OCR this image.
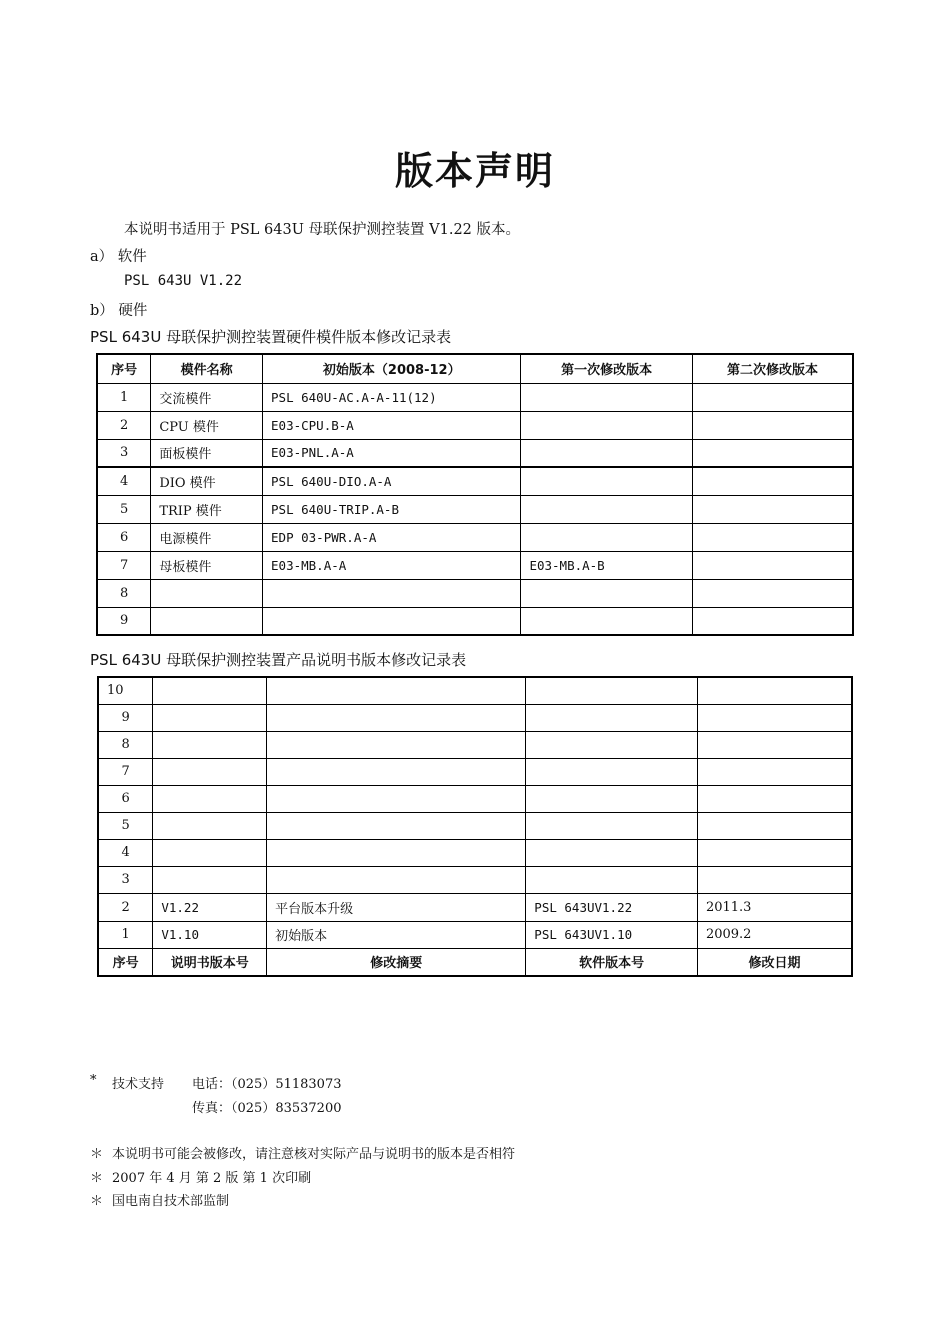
版本声明
本说明书适用于 PSL 643U 母联保护测控装置 V1.22 版本。
a） 软件
PSL 643U V1.22
b） 硬件
PSL 643U 母联保护测控装置硬件模件版本修改记录表
序号	模件名称	初始版本（2008-12）	第一次修改版本	第二次修改版本
1	交流模件	PSL 640U-AC.A-A-11(12)		
2	CPU 模件	E03-CPU.B-A		
3	面板模件	E03-PNL.A-A		
4	DIO 模件	PSL 640U-DIO.A-A		
5	TRIP 模件	PSL 640U-TRIP.A-B		
6	电源模件	EDP 03-PWR.A-A		
7	母板模件	E03-MB.A-A	E03-MB.A-B	
8				
9				
PSL 643U 母联保护测控装置产品说明书版本修改记录表
10				
9				
8				
7				
6				
5				
4				
3				
2	V1.22	平台版本升级	PSL 643UV1.22	2011.3
1	V1.10	初始版本	PSL 643UV1.10	2009.2
序号	说明书版本号	修改摘要	软件版本号	修改日期
* 技术支持 电话：（025）51183073
传真：（025）83537200
＊ 本说明书可能会被修改，请注意核对实际产品与说明书的版本是否相符
＊ 2007 年 4 月 第 2 版 第 1 次印刷
＊ 国电南自技术部监制
